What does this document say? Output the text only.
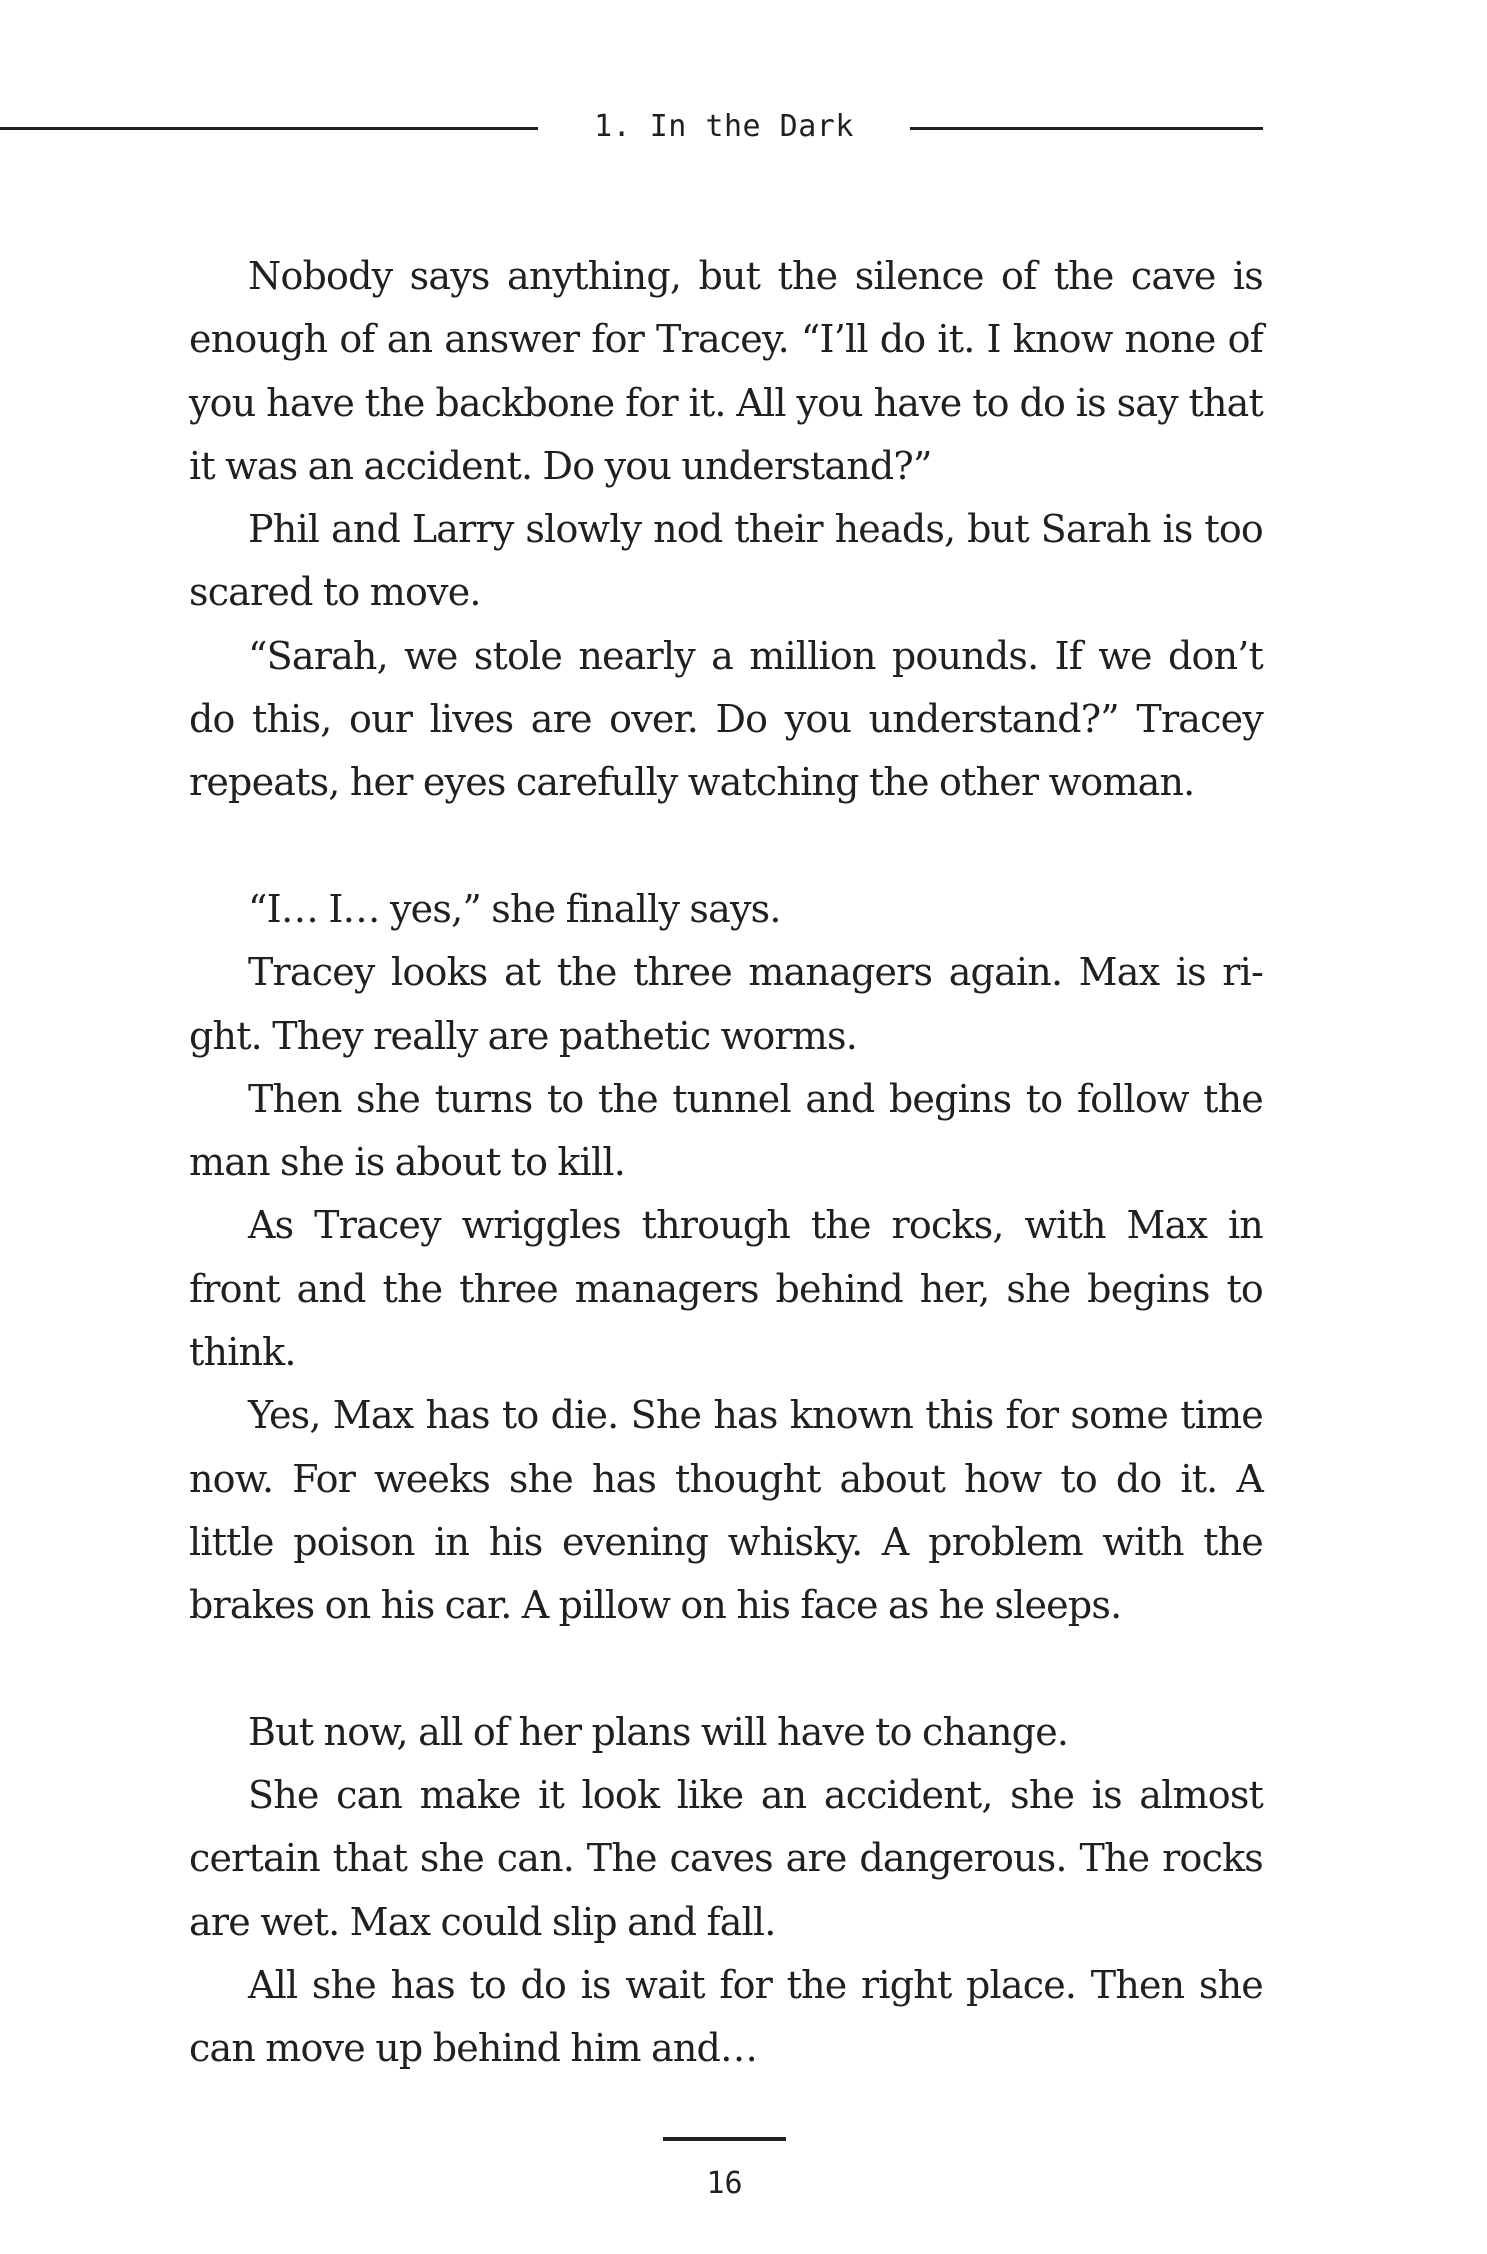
1. In the Dark

Nobody says anything, but the silence of the cave is enough of an answer for Tracey. “I’ll do it. I know none of you have the backbone for it. All you have to do is say that it was an accident. Do you understand?”

Phil and Larry slowly nod their heads, but Sarah is too scared to move.

“Sarah, we stole nearly a million pounds. If we don’t do this, our lives are over. Do you understand?” Tracey repeats, her eyes carefully watching the other woman.

“I… I… yes,” she finally says.

Tracey looks at the three managers again. Max is ri-ght. They really are pathetic worms.

Then she turns to the tunnel and begins to follow the man she is about to kill.

As Tracey wriggles through the rocks, with Max in front and the three managers behind her, she begins to think.

Yes, Max has to die. She has known this for some time now. For weeks she has thought about how to do it. A little poison in his evening whisky. A problem with the brakes on his car. A pillow on his face as he sleeps.

But now, all of her plans will have to change.

She can make it look like an accident, she is almost certain that she can. The caves are dangerous. The rocks are wet. Max could slip and fall.

All she has to do is wait for the right place. Then she can move up behind him and…

16
